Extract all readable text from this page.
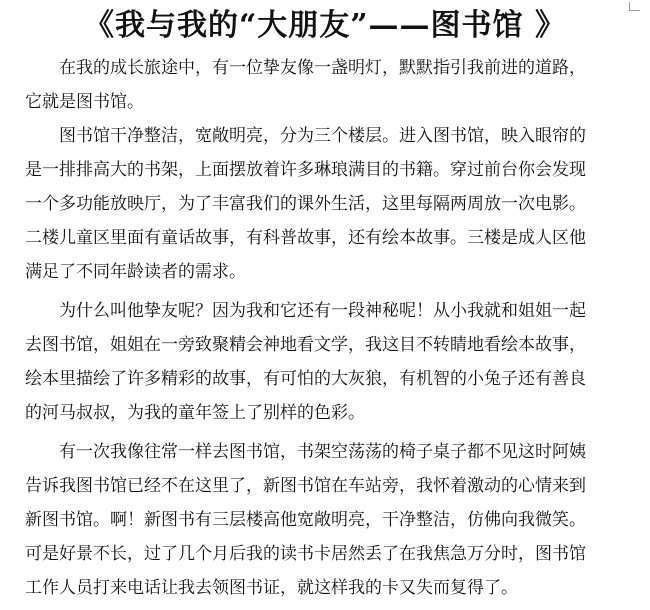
《我与我的“大朋友”——图书馆 》
在我的成长旅途中，有一位挚友像一盏明灯，默默指引我前进的道路，
它就是图书馆。
图书馆干净整洁，宽敞明亮，分为三个楼层。进入图书馆，映入眼帘的
是一排排高大的书架，上面摆放着许多琳琅满目的书籍。穿过前台你会发现
一个多功能放映厅，为了丰富我们的课外生活，这里每隔两周放一次电影。
二楼儿童区里面有童话故事，有科普故事，还有绘本故事。三楼是成人区他
满足了不同年龄读者的需求。
为什么叫他挚友呢？因为我和它还有一段神秘呢！从小我就和姐姐一起
去图书馆，姐姐在一旁致聚精会神地看文学，我这目不转睛地看绘本故事，
绘本里描绘了许多精彩的故事，有可怕的大灰狼，有机智的小兔子还有善良
的河马叔叔，为我的童年签上了别样的色彩。
有一次我像往常一样去图书馆，书架空荡荡的椅子桌子都不见这时阿姨
告诉我图书馆已经不在这里了，新图书馆在车站旁，我怀着激动的心情来到
新图书馆。啊！新图书有三层楼高他宽敞明亮，干净整洁，仿佛向我微笑。
可是好景不长，过了几个月后我的读书卡居然丢了在我焦急万分时，图书馆
工作人员打来电话让我去领图书证，就这样我的卡又失而复得了。
